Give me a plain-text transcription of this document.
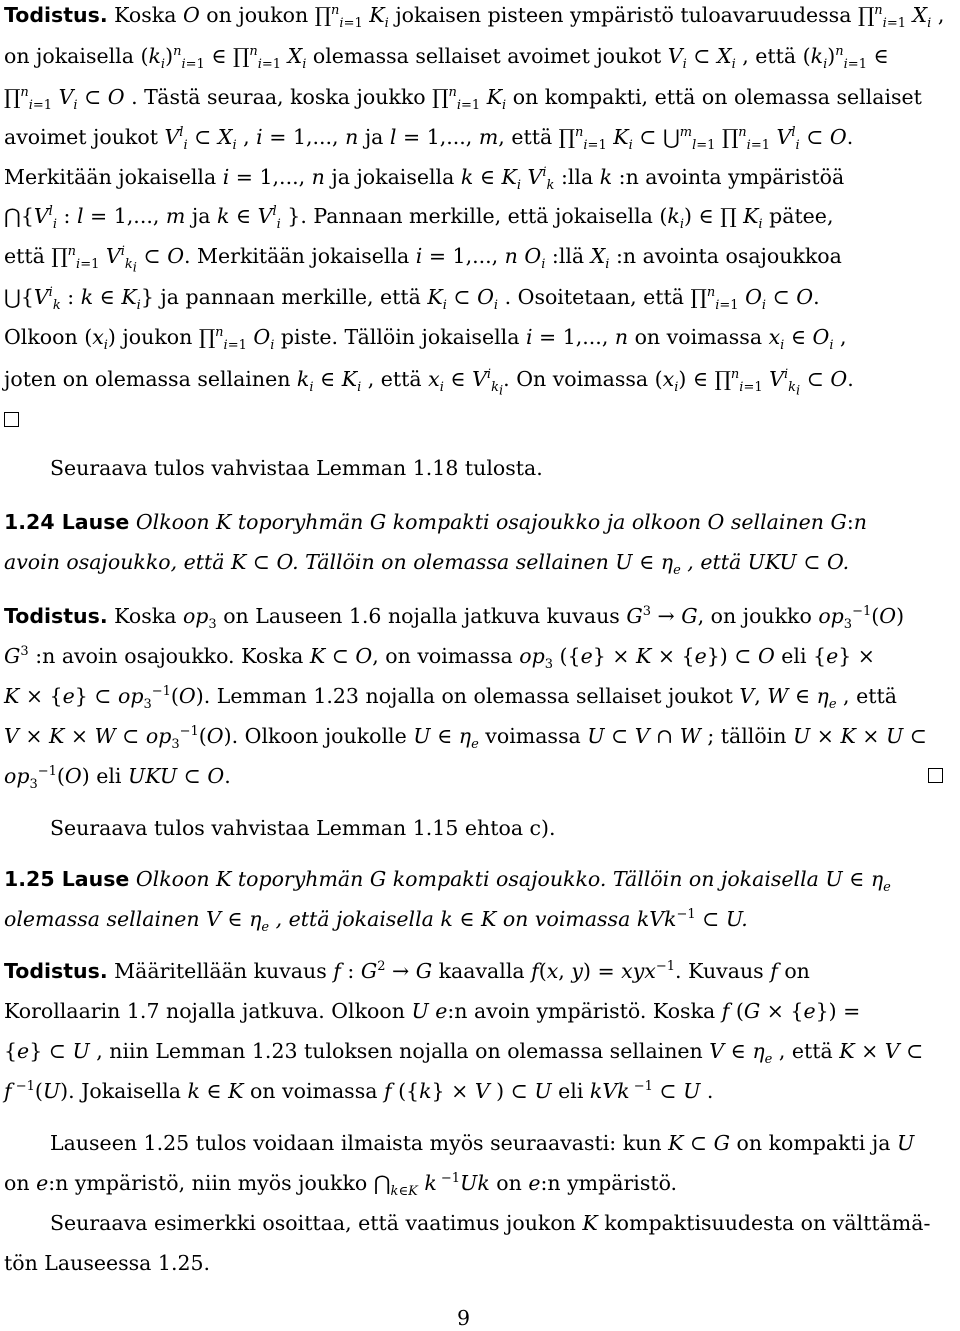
9
Todistus. Koska O on joukon ∏$^n_{i=1}$ $K_i$ jokaisen pisteen ympäristö tuloavaruudessa ∏$^n_{i=1}$ $X_i$ ,
on jokaisella $(k_i)^n_{i=1}$ ∈ ∏$^n_{i=1}$ $X_i$ olemassa sellaiset avoimet joukot $V_i$ ⊂ $X_i$ , että $(k_i)^n_{i=1}$ ∈
∏$^n_{i=1}$ $V_i$ ⊂ O . Tästä seuraa, koska joukko ∏$^n_{i=1}$ $K_i$ on kompakti, että on olemassa sellaiset
avoimet joukot $V^l_i$ ⊂ $X_i$ , i = 1,..., n ja l = 1,..., m, että ∏$^n_{i=1}$ $K_i$ ⊂ ⋃$^m_{l=1}$ ∏$^n_{i=1}$ $V^l_i$ ⊂ O.
Merkitään jokaisella i = 1,..., n ja jokaisella k ∈ $K_i$ $V^i_k$ :lla k :n avointa ympäristöä
$⋂\{V^l_i$ : l = 1,..., m ja k ∈ $V^l_i$ }. Pannaan merkille, että jokaisella $(k_i)$ ∈ ∏ $K_i$ pätee,
että ∏$^n_{i=1}$ $V^i_{k_i}$ ⊂ O. Merkitään jokaisella i = 1,..., n $O_i$ :llä $X_i$ :n avointa osajoukkoa
$⋃\{V^i_k$ : k ∈ $K_i$} ja pannaan merkille, että $K_i$ ⊂ $O_i$ . Osoitetaan, että ∏$^n_{i=1}$ $O_i$ ⊂ O.
Olkoon $(x_i)$ joukon ∏$^n_{i=1}$ $O_i$ piste. Tällöin jokaisella i = 1,..., n on voimassa $x_i$ ∈ $O_i$ ,
joten on olemassa sellainen $k_i$ ∈ $K_i$ , että $x_i$ ∈ $V^i_{k_i}$. On voimassa $(x_i)$ ∈ ∏$^n_{i=1}$ $V^i_{k_i}$ ⊂ O.
Seuraava tulos vahvistaa Lemman 1.18 tulosta.
1.24 Lause Olkoon K toporyhmän G kompakti osajoukko ja olkoon O sellainen G:n
avoin osajoukko, että K ⊂ O. Tällöin on olemassa sellainen U ∈ $\eta_e$ , että UKU ⊂ O.
Todistus. Koska $op_3$ on Lauseen 1.6 nojalla jatkuva kuvaus $G^3 \to G$, on joukko $op_3^{-1}(O)$
$G^3$ :n avoin osajoukko. Koska K ⊂ O, on voimassa $op_3$ ({e} × K × {e}) ⊂ O eli {e} ×
K × {e} ⊂ $op_3^{-1}(O)$. Lemman 1.23 nojalla on olemassa sellaiset joukot V, W ∈ $\eta_e$ , että
V × K × W ⊂ $op_3^{-1}(O)$. Olkoon joukolle U ∈ $\eta_e$ voimassa U ⊂ V ∩ W ; tällöin U × K × U ⊂
$op_3^{-1}(O)$ eli UKU ⊂ O.
Seuraava tulos vahvistaa Lemman 1.15 ehtoa c).
1.25 Lause Olkoon K toporyhmän G kompakti osajoukko. Tällöin on jokaisella U ∈ $\eta_e$
olemassa sellainen V ∈ $\eta_e$ , että jokaisella k ∈ K on voimassa kVk$^{-1}$ ⊂ U.
Todistus. Määritellään kuvaus f : $G^2 \to G$ kaavalla f(x, y) = xyx$^{-1}$. Kuvaus f on
Korollaarin 1.7 nojalla jatkuva. Olkoon U e:n avoin ympäristö. Koska f (G × {e}) =
{e} ⊂ U , niin Lemman 1.23 tuloksen nojalla on olemassa sellainen V ∈ $\eta_e$ , että K × V ⊂
f $^{-1}$(U). Jokaisella k ∈ K on voimassa f ({k} × V ) ⊂ U eli kVk $^{-1}$ ⊂ U .
Lauseen 1.25 tulos voidaan ilmaista myös seuraavasti: kun K ⊂ G on kompakti ja U
on e:n ympäristö, niin myös joukko $⋂_{k\in K}$ k $^{-1}$Uk on e:n ympäristö.
Seuraava esimerkki osoittaa, että vaatimus joukon K kompaktisuudesta on välttämä-
tön Lauseessa 1.25.
